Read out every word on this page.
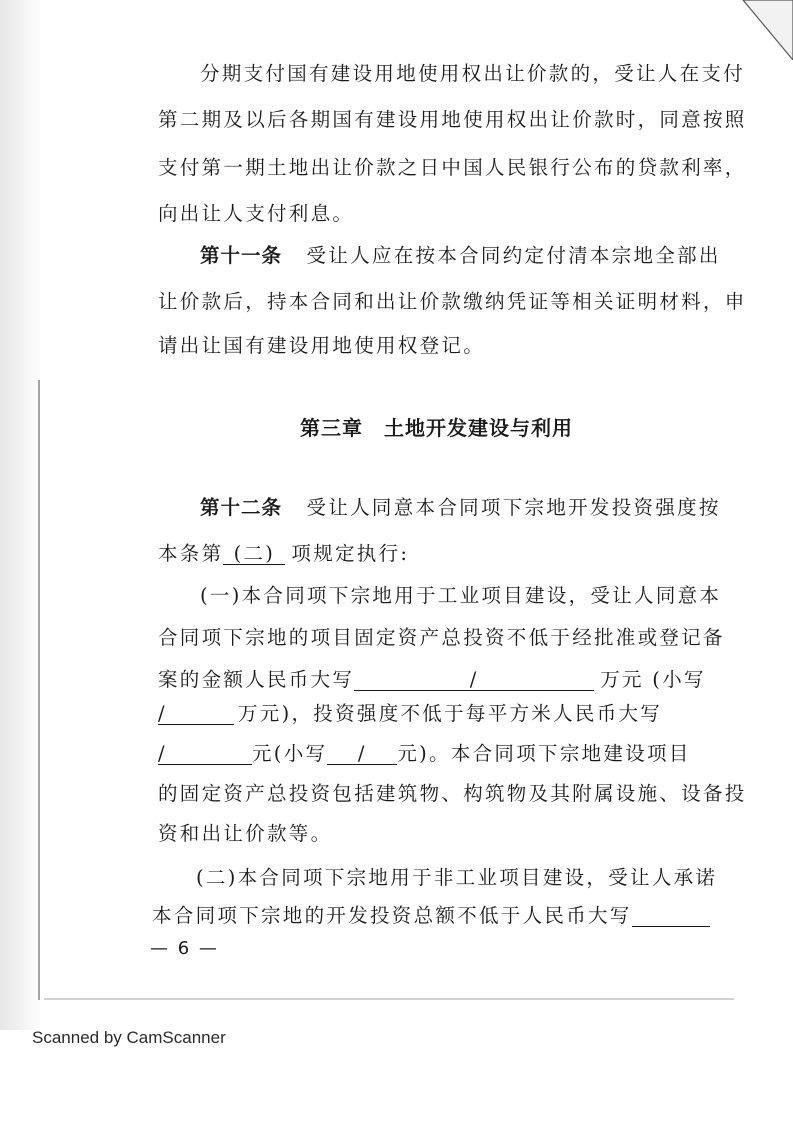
分期支付国有建设用地使用权出让价款的，受让人在支付
第二期及以后各期国有建设用地使用权出让价款时，同意按照
支付第一期土地出让价款之日中国人民银行公布的贷款利率，
向出让人支付利息。
第十一条 受让人应在按本合同约定付清本宗地全部出
让价款后，持本合同和出让价款缴纳凭证等相关证明材料，申
请出让国有建设用地使用权登记。
第三章　土地开发建设与利用
第十二条 受让人同意本合同项下宗地开发投资强度按
本条第 (二) 项规定执行:
(一)本合同项下宗地用于工业项目建设，受让人同意本
合同项下宗地的项目固定资产总投资不低于经批准或登记备
案的金额人民币大写	/	万元 (小写
/	万元)，投资强度不低于每平方米人民币大写
/	元(小写 / 元)。本合同项下宗地建设项目
的固定资产总投资包括建筑物、构筑物及其附属设施、设备投
资和出让价款等。
(二)本合同项下宗地用于非工业项目建设，受让人承诺
本合同项下宗地的开发投资总额不低于人民币大写
— 6 —
Scanned by CamScanner
